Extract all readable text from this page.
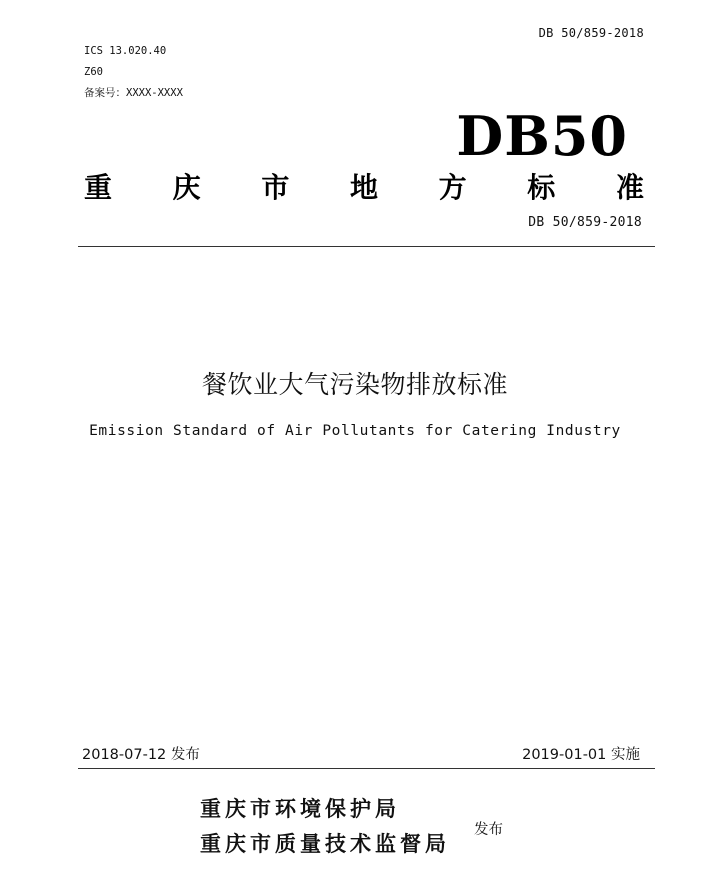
DB 50/859-2018
ICS 13.020.40
Z60
备案号：XXXX-XXXX
DB50
重 庆 市 地 方 标 准
DB 50/859-2018
餐饮业大气污染物排放标准
Emission Standard of Air Pollutants for Catering Industry
2018-07-12 发布	2019-01-01 实施
重庆市环境保护局
重庆市质量技术监督局
发布
